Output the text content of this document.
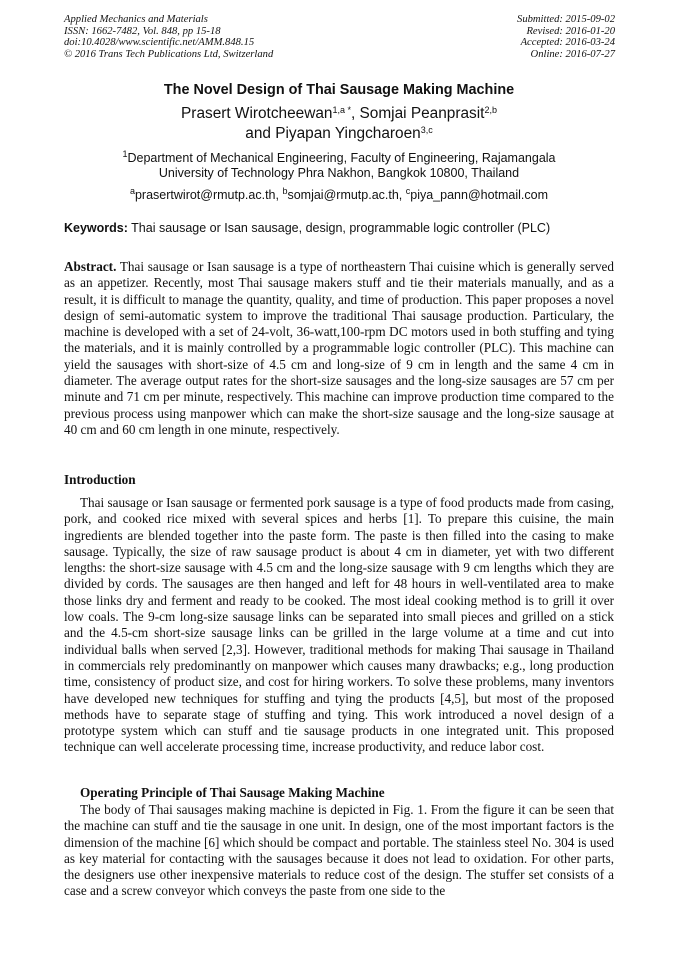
Applied Mechanics and Materials
ISSN: 1662-7482, Vol. 848, pp 15-18
doi:10.4028/www.scientific.net/AMM.848.15
© 2016 Trans Tech Publications Ltd, Switzerland
Submitted: 2015-09-02
Revised: 2016-01-20
Accepted: 2016-03-24
Online: 2016-07-27
The Novel Design of Thai Sausage Making Machine
Prasert Wirotcheewan$^{1,a *}$, Somjai Peanprasit$^{2,b}$
and Piyapan Yingcharoen$^{3,c}$
$^1$Department of Mechanical Engineering, Faculty of Engineering, Rajamangala
University of Technology Phra Nakhon, Bangkok 10800, Thailand
$^a$prasertwirot@rmutp.ac.th, $^b$somjai@rmutp.ac.th, $^c$piya_pann@hotmail.com
Keywords: Thai sausage or Isan sausage, design, programmable logic controller (PLC)
Abstract. Thai sausage or Isan sausage is a type of northeastern Thai cuisine which is generally served as an appetizer. Recently, most Thai sausage makers stuff and tie their materials manually, and as a result, it is difficult to manage the quantity, quality, and time of production. This paper proposes a novel design of semi-automatic system to improve the traditional Thai sausage production. Particulary, the machine is developed with a set of 24-volt, 36-watt,100-rpm DC motors used in both stuffing and tying the materials, and it is mainly controlled by a programmable logic controller (PLC). This machine can yield the sausages with short-size of 4.5 cm and long-size of 9 cm in length and the same 4 cm in diameter. The average output rates for the short-size sausages and the long-size sausages are 57 cm per minute and 71 cm per minute, respectively. This machine can improve production time compared to the previous process using manpower which can make the short-size sausage and the long-size sausage at 40 cm and 60 cm length in one minute, respectively.
Introduction
Thai sausage or Isan sausage or fermented pork sausage is a type of food products made from casing, pork, and cooked rice mixed with several spices and herbs [1]. To prepare this cuisine, the main ingredients are blended together into the paste form. The paste is then filled into the casing to make sausage. Typically, the size of raw sausage product is about 4 cm in diameter, yet with two different lengths: the short-size sausage with 4.5 cm and the long-size sausage with 9 cm lengths which they are divided by cords. The sausages are then hanged and left for 48 hours in well-ventilated area to make those links dry and ferment and ready to be cooked. The most ideal cooking method is to grill it over low coals. The 9-cm long-size sausage links can be separated into small pieces and grilled on a stick and the 4.5-cm short-size sausage links can be grilled in the large volume at a time and cut into individual balls when served [2,3]. However, traditional methods for making Thai sausage in Thailand in commercials rely predominantly on manpower which causes many drawbacks; e.g., long production time, consistency of product size, and cost for hiring workers. To solve these problems, many inventors have developed new techniques for stuffing and tying the products [4,5], but most of the proposed methods have to separate stage of stuffing and tying. This work introduced a novel design of a prototype system which can stuff and tie sausage products in one integrated unit. This proposed technique can well accelerate processing time, increase productivity, and reduce labor cost.
Operating Principle of Thai Sausage Making Machine
The body of Thai sausages making machine is depicted in Fig. 1. From the figure it can be seen that the machine can stuff and tie the sausage in one unit. In design, one of the most important factors is the dimension of the machine [6] which should be compact and portable. The stainless steel No. 304 is used as key material for contacting with the sausages because it does not lead to oxidation. For other parts, the designers use other inexpensive materials to reduce cost of the design. The stuffer set consists of a case and a screw conveyor which conveys the paste from one side to the
